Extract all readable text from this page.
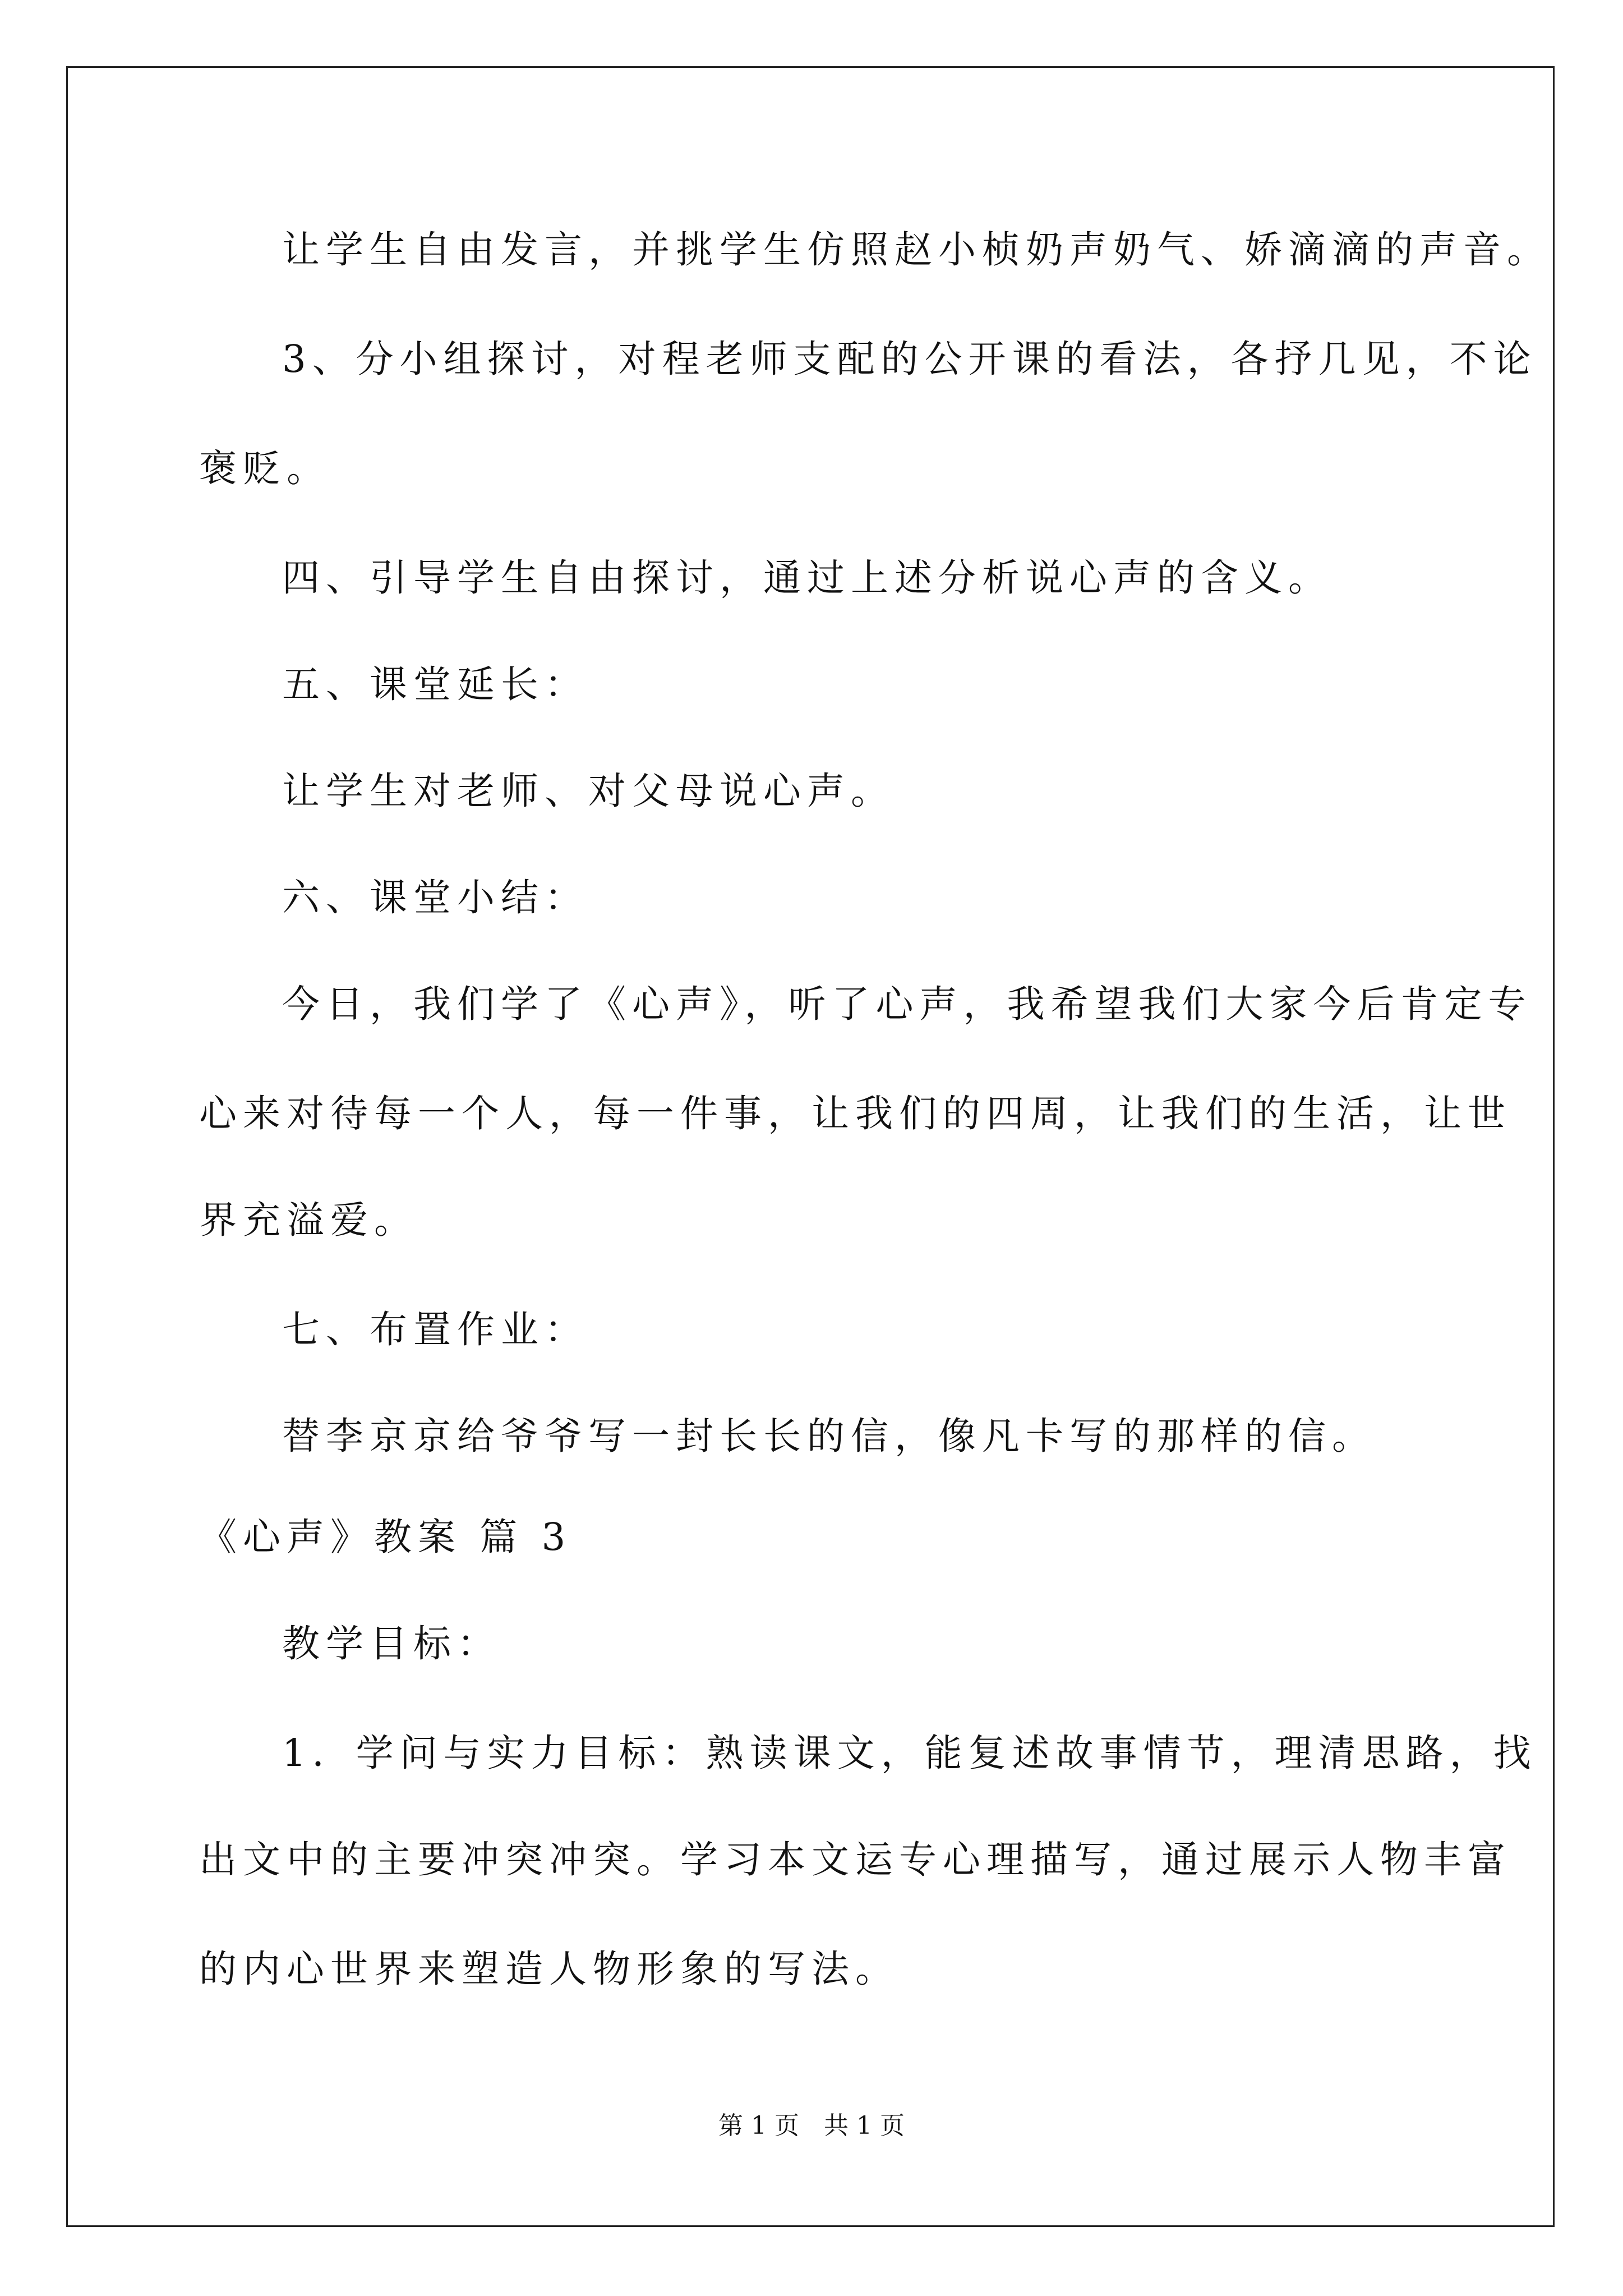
让学生自由发言，并挑学生仿照赵小桢奶声奶气、娇滴滴的声音。
3、分小组探讨，对程老师支配的公开课的看法，各抒几见，不论
褒贬。
四、引导学生自由探讨，通过上述分析说心声的含义。
五、课堂延长：
让学生对老师、对父母说心声。
六、课堂小结：
今日，我们学了《心声》，听了心声，我希望我们大家今后肯定专
心来对待每一个人，每一件事，让我们的四周，让我们的生活，让世
界充溢爱。
七、布置作业：
替李京京给爷爷写一封长长的信，像凡卡写的那样的信。
《心声》教案 篇 3
教学目标：
1．学问与实力目标：熟读课文，能复述故事情节，理清思路，找
出文中的主要冲突冲突。学习本文运专心理描写，通过展示人物丰富
的内心世界来塑造人物形象的写法。
第 1 页　共 1 页
